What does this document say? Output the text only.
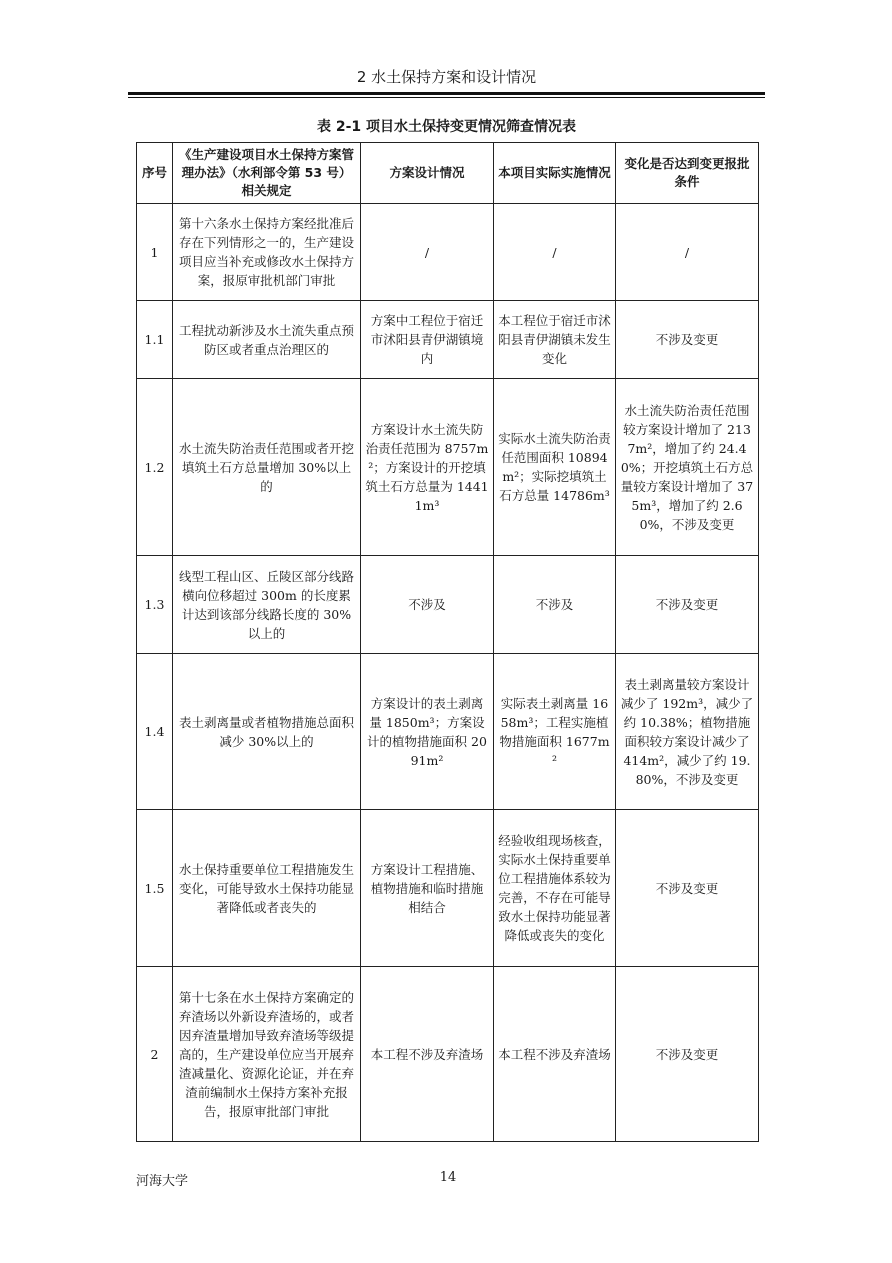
2 水土保持方案和设计情况
表 2-1 项目水土保持变更情况筛查情况表
序号	《生产建设项目水土保持方案管理办法》（水利部令第 53 号）相关规定	方案设计情况	本项目实际实施情况	变化是否达到变更报批条件
1	第十六条水土保持方案经批准后存在下列情形之一的，生产建设项目应当补充或修改水土保持方案，报原审批机部门审批	/	/	/
1.1	工程扰动新涉及水土流失重点预防区或者重点治理区的	方案中工程位于宿迁市沭阳县青伊湖镇境内	本工程位于宿迁市沭阳县青伊湖镇未发生变化	不涉及变更
1.2	水土流失防治责任范围或者开挖填筑土石方总量增加 30%以上的	方案设计水土流失防治责任范围为 8757m²；方案设计的开挖填筑土石方总量为 14411m³	实际水土流失防治责任范围面积 10894m²；实际挖填筑土石方总量 14786m³	水土流失防治责任范围较方案设计增加了 2137m²，增加了约 24.40%；开挖填筑土石方总量较方案设计增加了 375m³，增加了约 2.60%，不涉及变更
1.3	线型工程山区、丘陵区部分线路横向位移超过 300m 的长度累计达到该部分线路长度的 30%以上的	不涉及	不涉及	不涉及变更
1.4	表土剥离量或者植物措施总面积减少 30%以上的	方案设计的表土剥离量 1850m³；方案设计的植物措施面积 2091m²	实际表土剥离量 1658m³；工程实施植物措施面积 1677m²	表土剥离量较方案设计减少了 192m³，减少了约 10.38%；植物措施面积较方案设计减少了 414m²，减少了约 19.80%，不涉及变更
1.5	水土保持重要单位工程措施发生变化，可能导致水土保持功能显著降低或者丧失的	方案设计工程措施、植物措施和临时措施相结合	经验收组现场核查，实际水土保持重要单位工程措施体系较为完善，不存在可能导致水土保持功能显著降低或丧失的变化	不涉及变更
2	第十七条在水土保持方案确定的弃渣场以外新设弃渣场的，或者因弃渣量增加导致弃渣场等级提高的，生产建设单位应当开展弃渣减量化、资源化论证，并在弃渣前编制水土保持方案补充报告，报原审批部门审批	本工程不涉及弃渣场	本工程不涉及弃渣场	不涉及变更
河海大学	14
